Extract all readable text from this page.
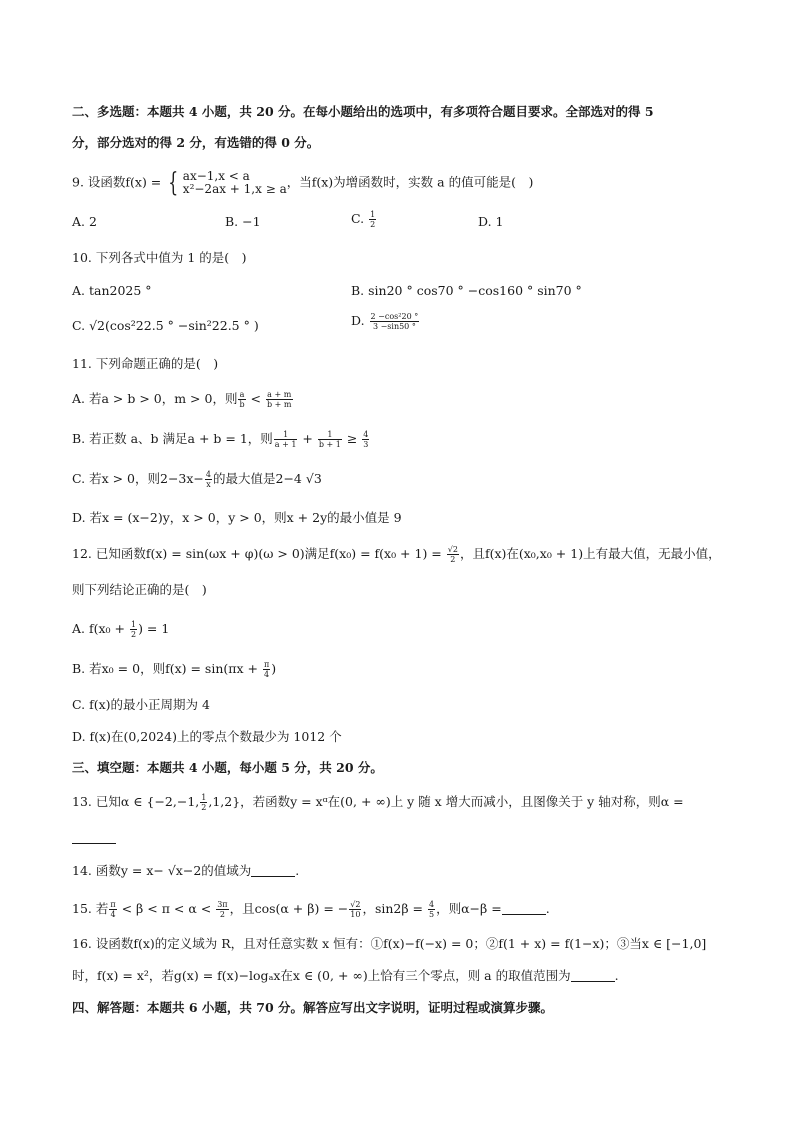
二、多选题：本题共 4 小题，共 20 分。在每小题给出的选项中，有多项符合题目要求。全部选对的得 5
分，部分选对的得 2 分，有选错的得 0 分。
9. 设函数f(x) = { ax−1,x < a
x²−2ax + 1,x ≥ a ，当f(x)为增函数时，实数 a 的值可能是(　)
A. 2	B. −1	C. $\frac{1}{2}$	D. 1
10. 下列各式中值为 1 的是(　)
A. tan2025 °	B. sin20 ° cos70 ° −cos160 ° sin70 °
C. √2(cos²22.5 ° −sin²22.5 ° )	D. $\frac{\text{2 −cos²20 °}}{3 -\sin 50 ^\circ}$
11. 下列命题正确的是(　)
A. 若a > b > 0，m > 0，则 $\frac{a}{b} < \frac{a + m}{b + m}$
B. 若正数 a、b 满足a + b = 1，则 $\frac{1}{a + 1} + \frac{1}{b + 1} \ge \frac{4}{3}$
C. 若x > 0，则$2-3x- \frac{4}{x}$ 的最大值是2−4 √3
D. 若x = (x−2)y，x > 0，y > 0，则x + 2y的最小值是 9
12. 已知函数f(x) = sin(ωx + φ)(ω > 0)满足$f(x_0) = f(x_0 + 1) = \frac{√2}{2}$ ，且f(x)在(x₀,x₀ + 1)上有最大值，无最小值，
则下列结论正确的是(　)
A. $f(x_0 + \frac{1}{2}$ ) = 1
B. 若x₀ = 0，则$f(x) = \sin(\pi x + \frac{\pi}{4}$ )
C. f(x)的最小正周期为 4
D. f(x)在(0,2024)上的零点个数最少为 1012 个
三、填空题：本题共 4 小题，每小题 5 分，共 20 分。
13. 已知α ∈ {−2,−1, $\frac{1}{2} ,1,2$}，若函数y = xᵅ在(0, + ∞)上 y 随 x 增大而减小，且图像关于 y 轴对称，则α =
14. 函数y = x− √x−2的值域为	.
15. 若 $\frac{\pi}{4} < \beta < \pi < \alpha < \frac{3\pi}{2}$ ，且cos(α + β) = − $\frac{√2}{10}$ ，$\sin 2\beta = \frac{4}{5}$ ，则α−β =	.
16. 设函数f(x)的定义域为 R，且对任意实数 x 恒有：①f(x)−f(−x) = 0；②f(1 + x) = f(1−x)；③当x ∈ [−1,0]
时，f(x) = x²，若g(x) = f(x)−logₐx在x ∈ (0, + ∞)上恰有三个零点，则 a 的取值范围为	.
四、解答题：本题共 6 小题，共 70 分。解答应写出文字说明，证明过程或演算步骤。
